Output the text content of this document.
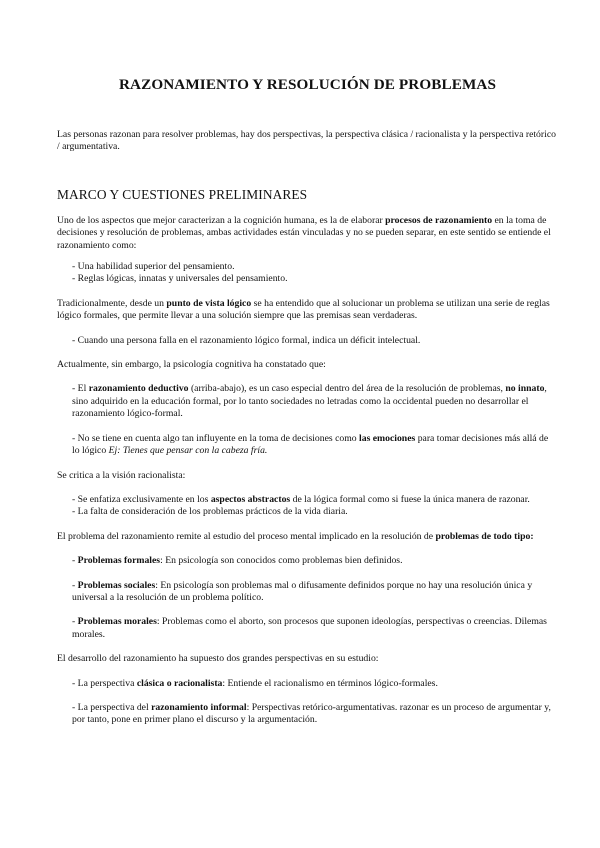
RAZONAMIENTO Y RESOLUCIÓN DE PROBLEMAS

Las personas razonan para resolver problemas, hay dos perspectivas, la perspectiva clásica / racionalista y la perspectiva retórico / argumentativa.

MARCO Y CUESTIONES PRELIMINARES

Uno de los aspectos que mejor caracterizan a la cognición humana, es la de elaborar procesos de razonamiento en la toma de decisiones y resolución de problemas, ambas actividades están vinculadas y no se pueden separar, en este sentido se entiende el razonamiento como:

- Una habilidad superior del pensamiento.
- Reglas lógicas, innatas y universales del pensamiento.

Tradicionalmente, desde un punto de vista lógico se ha entendido que al solucionar un problema se utilizan una serie de reglas lógico formales, que permite llevar a una solución siempre que las premisas sean verdaderas.

- Cuando una persona falla en el razonamiento lógico formal, indica un déficit intelectual.

Actualmente, sin embargo, la psicología cognitiva ha constatado que:

- El razonamiento deductivo (arriba-abajo), es un caso especial dentro del área de la resolución de problemas, no innato, sino adquirido en la educación formal, por lo tanto sociedades no letradas como la occidental pueden no desarrollar el razonamiento lógico-formal.

- No se tiene en cuenta algo tan influyente en la toma de decisiones como las emociones para tomar decisiones más allá de lo lógico Ej: Tienes que pensar con la cabeza fría.

Se critica a la visión racionalista:

- Se enfatiza exclusivamente en los aspectos abstractos de la lógica formal como si fuese la única manera de razonar.

- La falta de consideración de los problemas prácticos de la vida diaria.

El problema del razonamiento remite al estudio del proceso mental implicado en la resolución de problemas de todo tipo:

- Problemas formales: En psicología son conocidos como problemas bien definidos.

- Problemas sociales: En psicología son problemas mal o difusamente definidos porque no hay una resolución única y universal a la resolución de un problema político.

- Problemas morales: Problemas como el aborto, son procesos que suponen ideologías, perspectivas o creencias. Dilemas morales.

El desarrollo del razonamiento ha supuesto dos grandes perspectivas en su estudio:

- La perspectiva clásica o racionalista: Entiende el racionalismo en términos lógico-formales.

- La perspectiva del razonamiento informal: Perspectivas retórico-argumentativas. razonar es un proceso de argumentar y, por tanto, pone en primer plano el discurso y la argumentación.
